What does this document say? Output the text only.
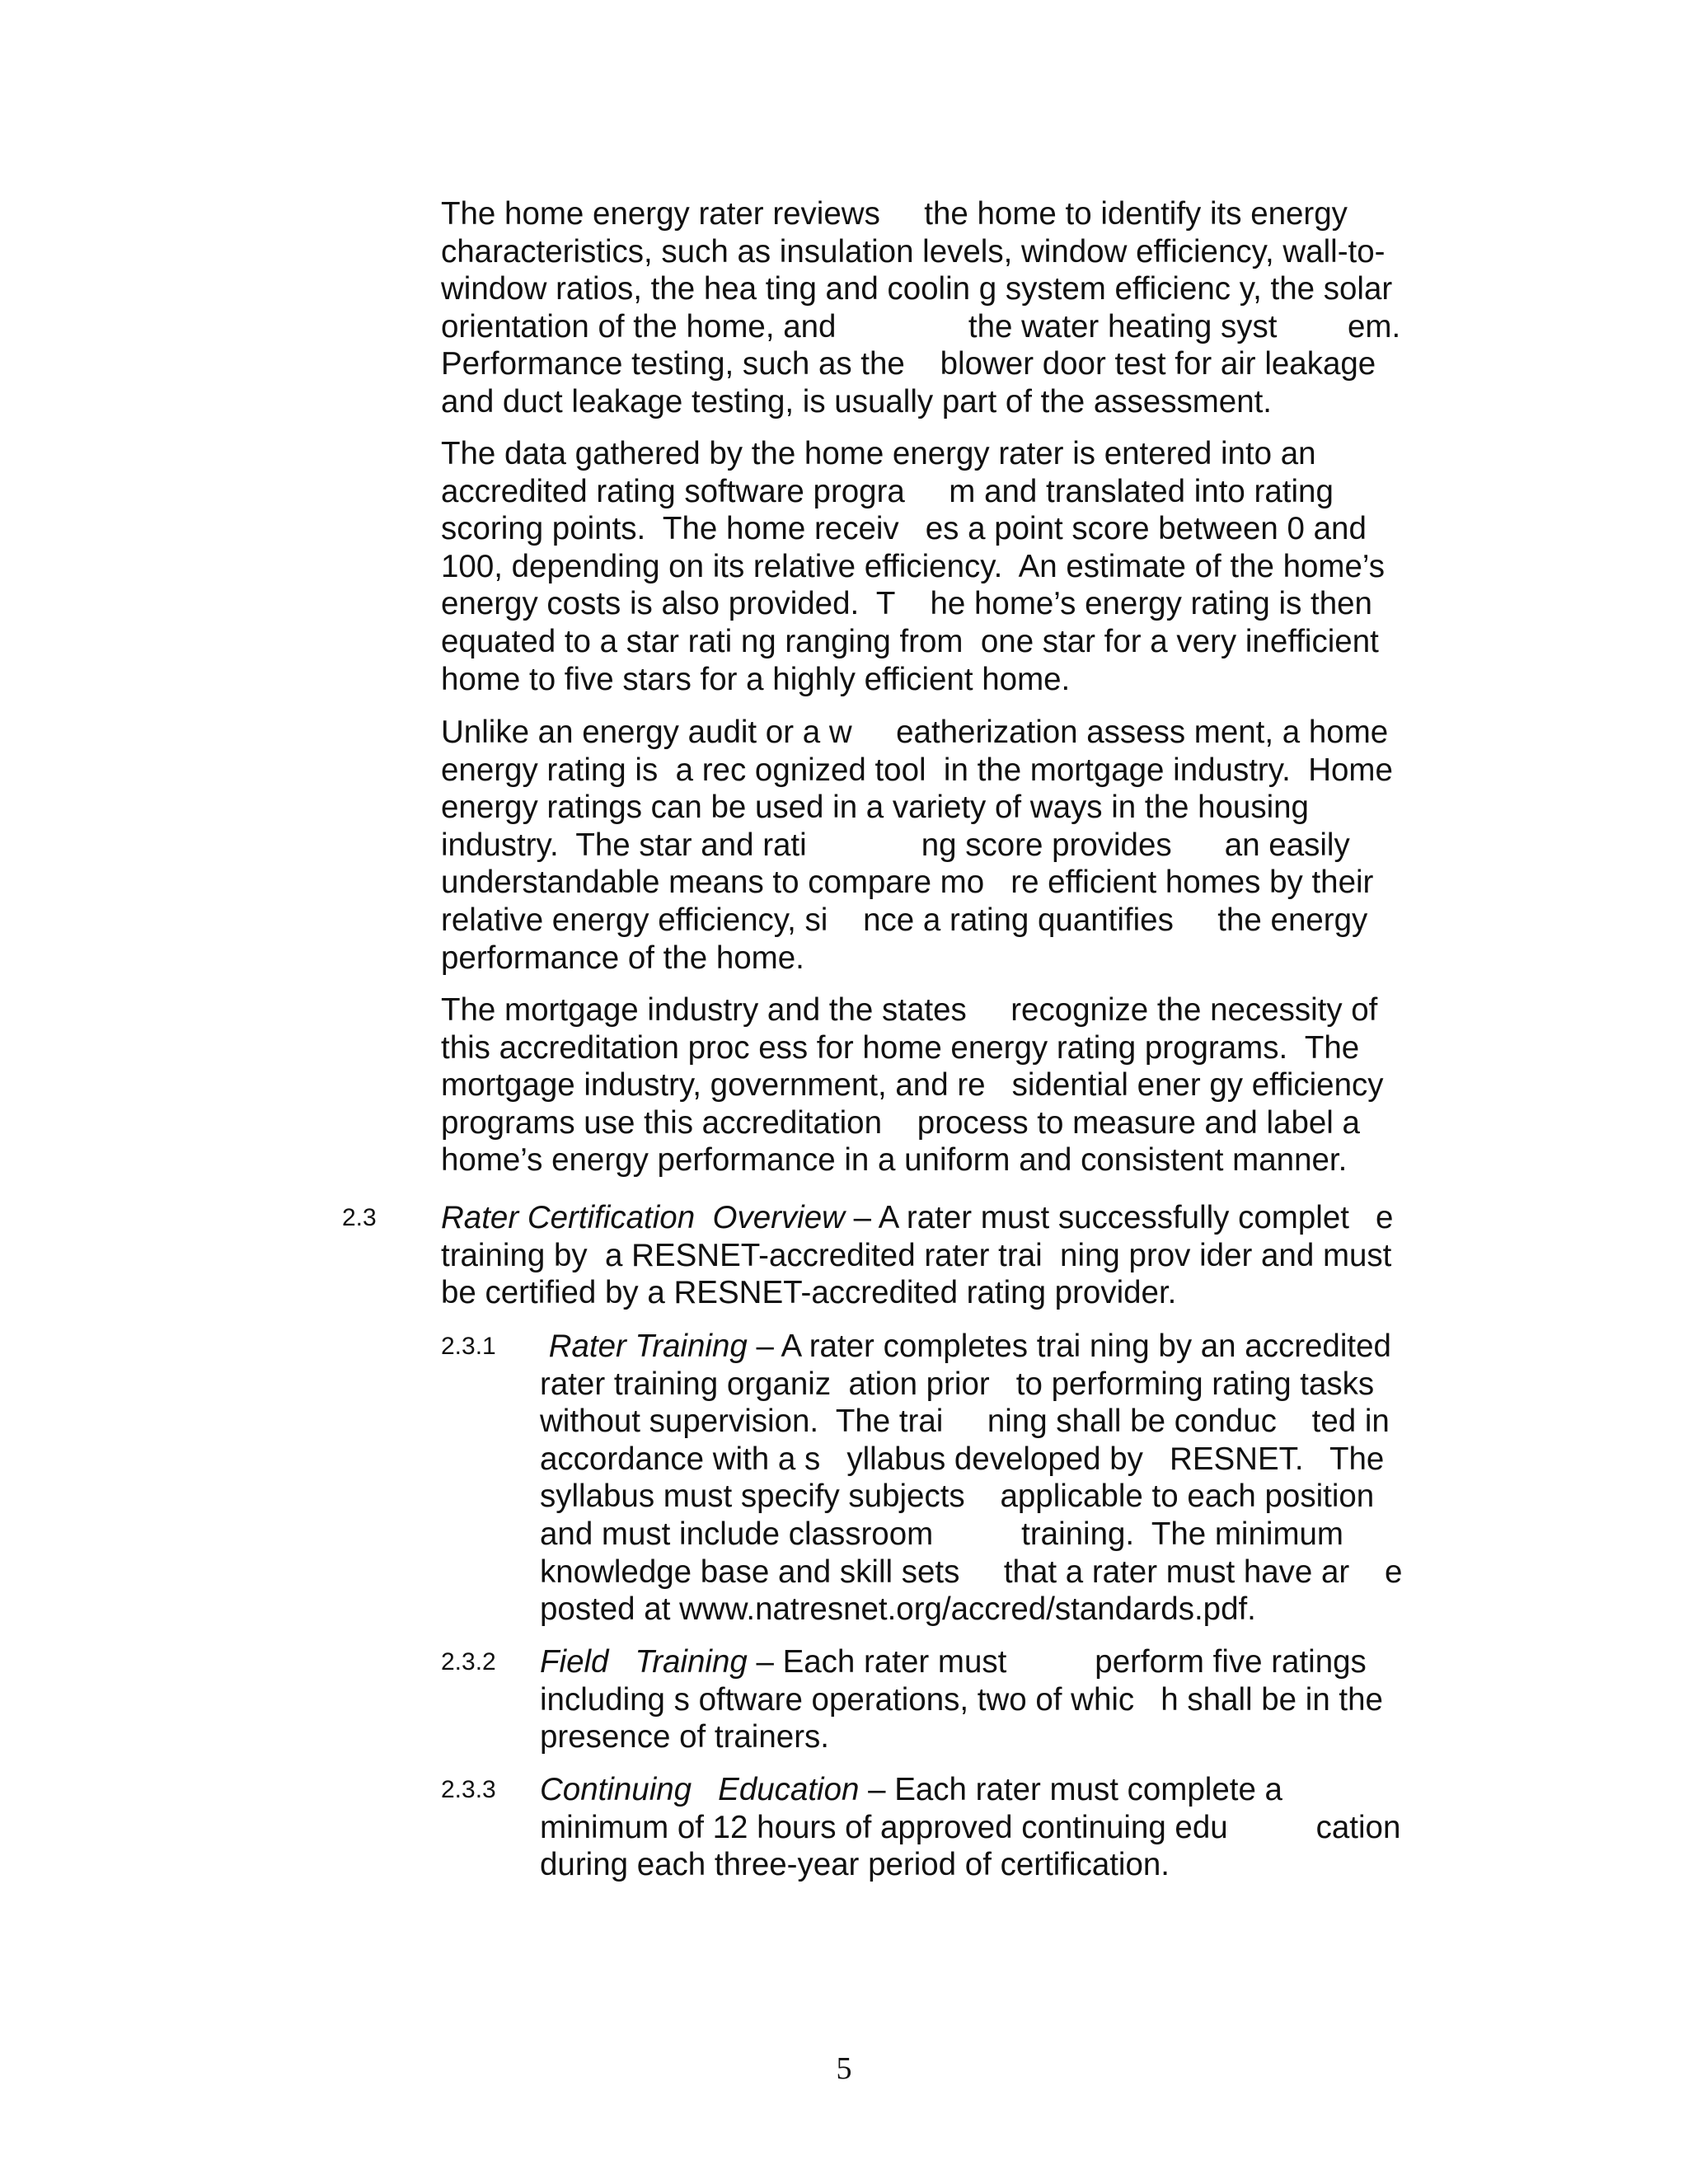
The home energy rater reviews     the home to identify its energy
characteristics, such as insulation levels, window efficiency, wall-to-
window ratios, the hea ting and coolin g system efficienc y, the solar
orientation of the home, and               the water heating syst        em.
Performance testing, such as the    blower door test for air leakage
and duct leakage testing, is usually part of the assessment.

The data gathered by the home energy rater is entered into an
accredited rating software progra     m and translated into rating
scoring points.  The home receiv   es a point score between 0 and
100, depending on its relative efficiency.  An estimate of the home’s
energy costs is also provided.  T    he home’s energy rating is then
equated to a star rati ng ranging from  one star for a very inefficient
home to five stars for a highly efficient home.

Unlike an energy audit or a w     eatherization assess ment, a home
energy rating is  a rec ognized tool  in the mortgage industry.  Home
energy ratings can be used in a variety of ways in the housing
industry.  The star and rati             ng score provides      an easily
understandable means to compare mo   re efficient homes by their
relative energy efficiency, si    nce a rating quantifies     the energy
performance of the home.

The mortgage industry and the states     recognize the necessity of
this accreditation proc ess for home energy rating programs.  The
mortgage industry, government, and re   sidential ener gy efficiency
programs use this accreditation    process to measure and label a
home’s energy performance in a uniform and consistent manner.

2.3 Rater Certification  Overview – A rater must successfully complet   e
training by  a RESNET-accredited rater trai  ning prov ider and must
be certified by a RESNET-accredited rating provider.

2.3.1 Rater Training – A rater completes trai ning by an accredited
rater training organiz  ation prior   to performing rating tasks
without supervision.  The trai     ning shall be conduc    ted in
accordance with a s   yllabus developed by   RESNET.   The
syllabus must specify subjects    applicable to each position
and must include classroom          training.  The minimum
knowledge base and skill sets     that a rater must have ar    e
posted at www.natresnet.org/accred/standards.pdf.

2.3.2 Field   Training – Each rater must          perform five ratings
including s oftware operations, two of whic   h shall be in the
presence of trainers.

2.3.3 Continuing   Education – Each rater must complete a
minimum of 12 hours of approved continuing edu          cation
during each three-year period of certification.

5
